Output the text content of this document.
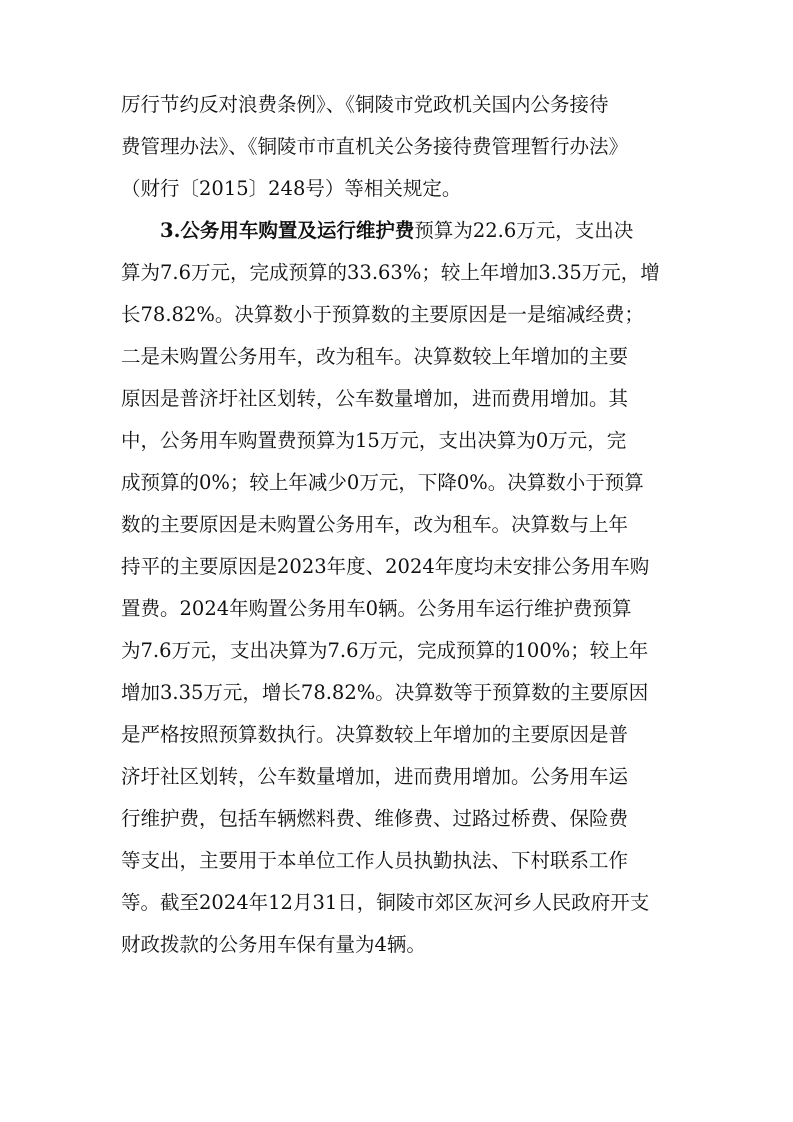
厉行节约反对浪费条例》、《铜陵市党政机关国内公务接待
费管理办法》、《铜陵市市直机关公务接待费管理暂行办法》
（财行〔2015〕248号）等相关规定。
3.公务用车购置及运行维护费预算为22.6万元，支出决
算为7.6万元，完成预算的33.63%；较上年增加3.35万元，增
长78.82%。决算数小于预算数的主要原因是一是缩减经费；
二是未购置公务用车，改为租车。决算数较上年增加的主要
原因是普济圩社区划转，公车数量增加，进而费用增加。其
中，公务用车购置费预算为15万元，支出决算为0万元，完
成预算的0%；较上年减少0万元，下降0%。决算数小于预算
数的主要原因是未购置公务用车，改为租车。决算数与上年
持平的主要原因是2023年度、2024年度均未安排公务用车购
置费。2024年购置公务用车0辆。公务用车运行维护费预算
为7.6万元，支出决算为7.6万元，完成预算的100%；较上年
增加3.35万元，增长78.82%。决算数等于预算数的主要原因
是严格按照预算数执行。决算数较上年增加的主要原因是普
济圩社区划转，公车数量增加，进而费用增加。公务用车运
行维护费，包括车辆燃料费、维修费、过路过桥费、保险费
等支出，主要用于本单位工作人员执勤执法、下村联系工作
等。截至2024年12月31日，铜陵市郊区灰河乡人民政府开支
财政拨款的公务用车保有量为4辆。
